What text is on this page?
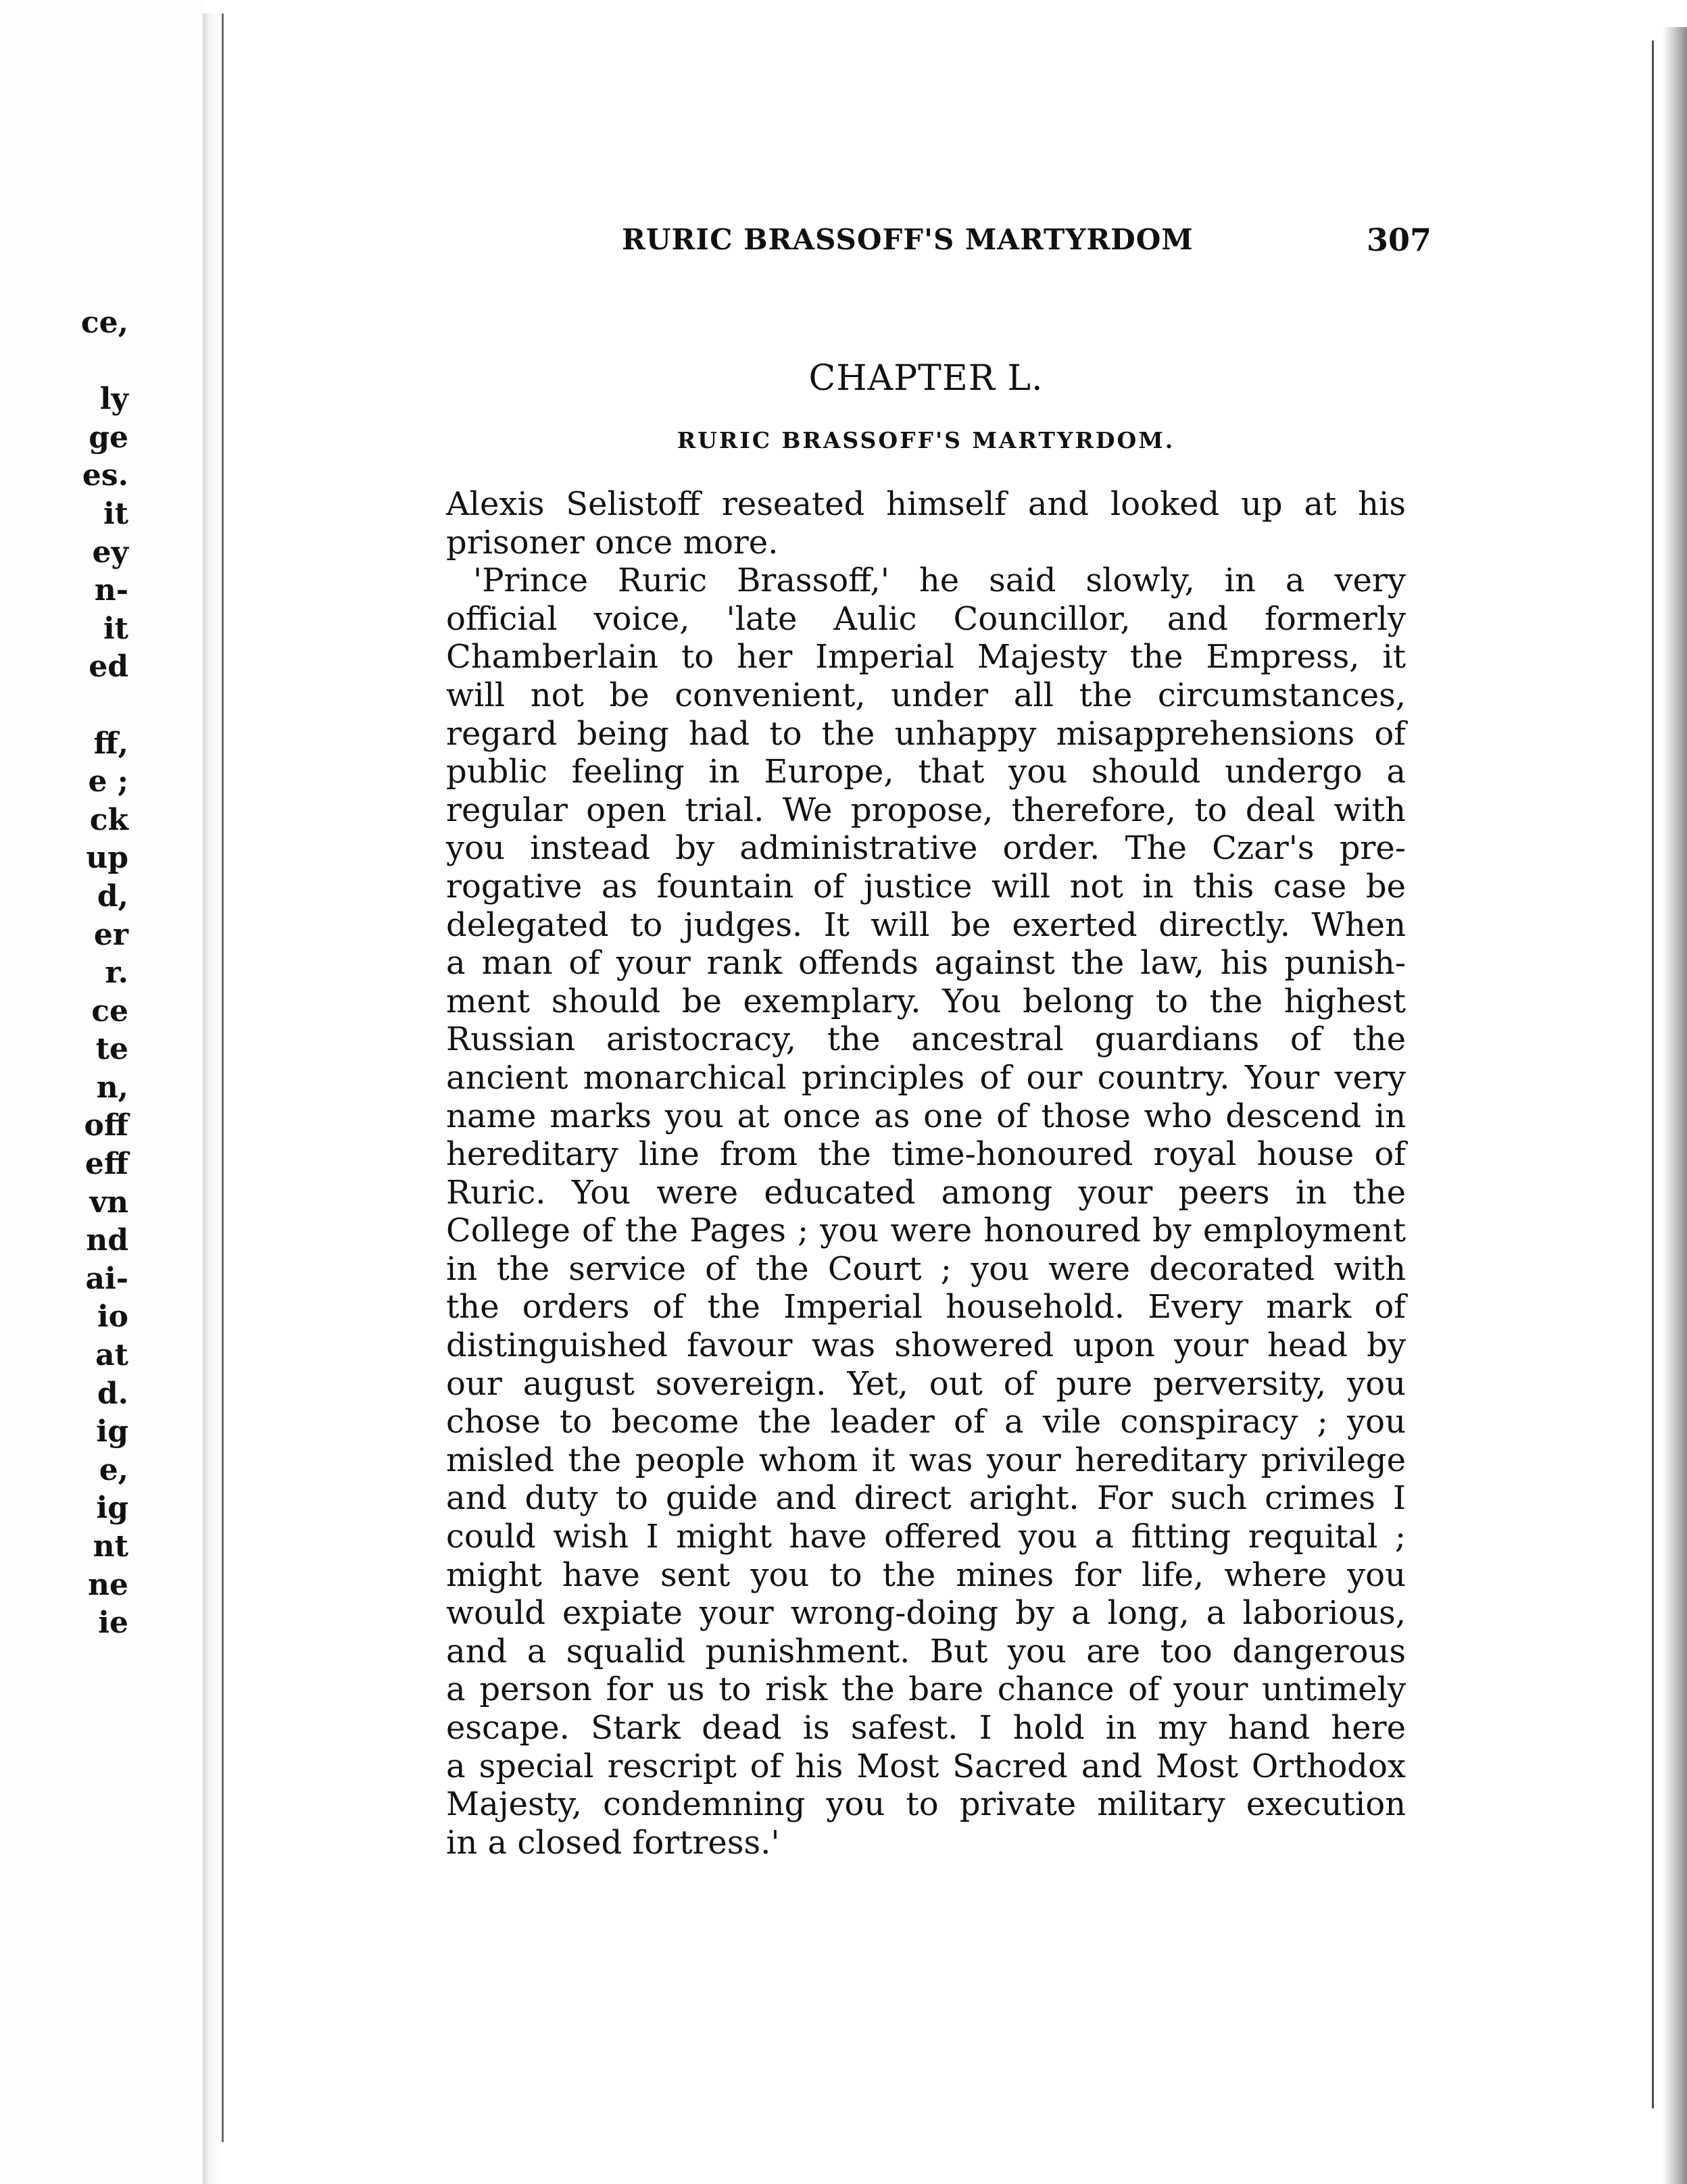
ce,
ly
ge
es.
it
ey
n-
it
ed
ff,
e ;
ck
up
d,
er
r.
ce
te
n,
off
eff
vn
nd
ai-
io
at
d.
ig
e,
ig
nt
ne
ie
RURIC BRASSOFF'S MARTYRDOM	307
CHAPTER L.
RURIC BRASSOFF'S MARTYRDOM.
Alexis Selistoff reseated himself and looked up at his
prisoner once more.
'Prince Ruric Brassoff,' he said slowly, in a very
official voice, 'late Aulic Councillor, and formerly
Chamberlain to her Imperial Majesty the Empress, it
will not be convenient, under all the circumstances,
regard being had to the unhappy misapprehensions of
public feeling in Europe, that you should undergo a
regular open trial. We propose, therefore, to deal with
you instead by administrative order. The Czar's pre-
rogative as fountain of justice will not in this case be
delegated to judges. It will be exerted directly. When
a man of your rank offends against the law, his punish-
ment should be exemplary. You belong to the highest
Russian aristocracy, the ancestral guardians of the
ancient monarchical principles of our country. Your very
name marks you at once as one of those who descend in
hereditary line from the time-honoured royal house of
Ruric. You were educated among your peers in the
College of the Pages ; you were honoured by employment
in the service of the Court ; you were decorated with
the orders of the Imperial household. Every mark of
distinguished favour was showered upon your head by
our august sovereign. Yet, out of pure perversity, you
chose to become the leader of a vile conspiracy ; you
misled the people whom it was your hereditary privilege
and duty to guide and direct aright. For such crimes I
could wish I might have offered you a fitting requital ;
might have sent you to the mines for life, where you
would expiate your wrong-doing by a long, a laborious,
and a squalid punishment. But you are too dangerous
a person for us to risk the bare chance of your untimely
escape. Stark dead is safest. I hold in my hand here
a special rescript of his Most Sacred and Most Orthodox
Majesty, condemning you to private military execution
in a closed fortress.'
